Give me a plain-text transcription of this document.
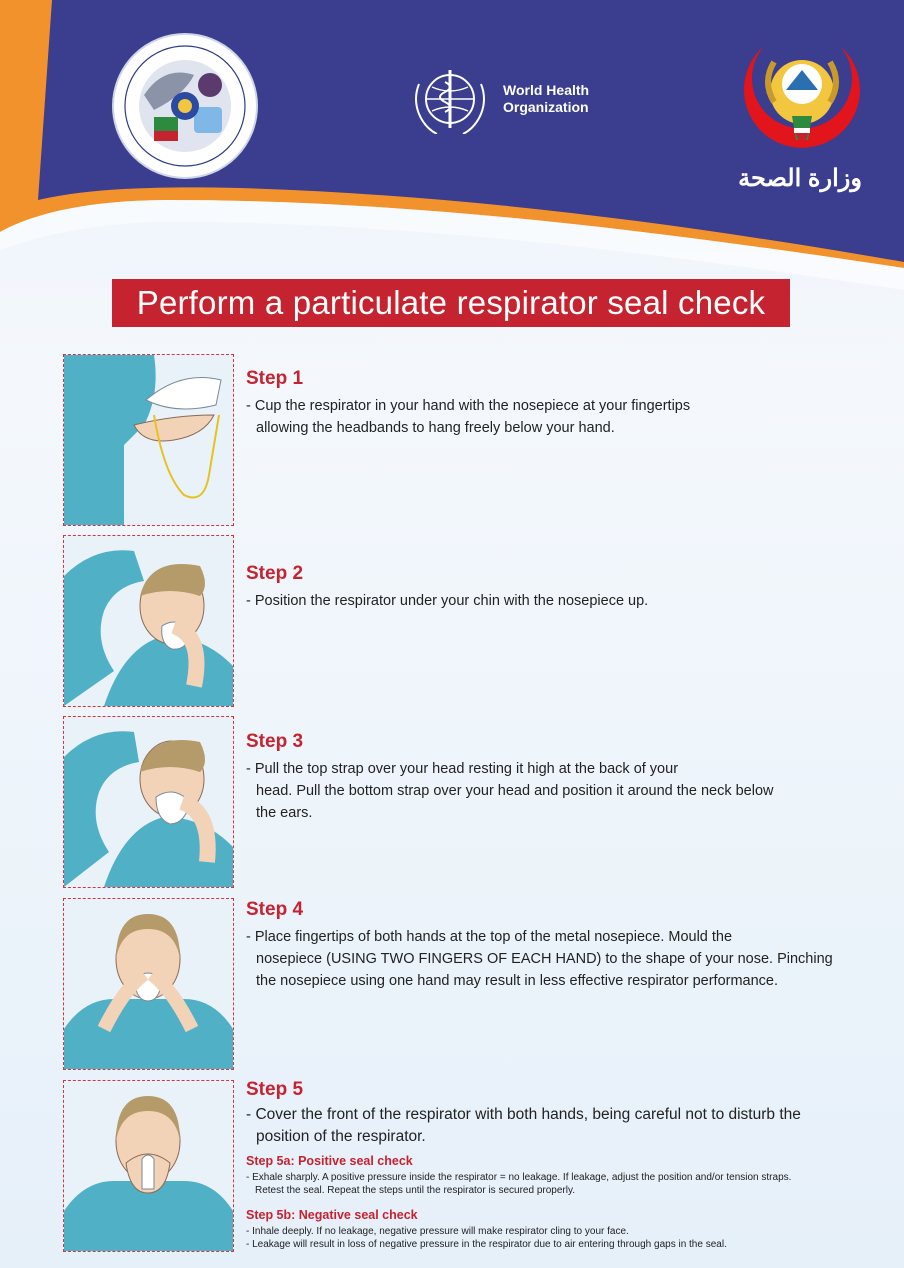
World Health
Organization
وزارة الصحة
Perform a particulate respirator seal check
Step 1
- Cup the respirator in your hand with the nosepiece at your fingertips
allowing the headbands to hang freely below your hand.
Step 2
- Position the respirator under your chin with the nosepiece up.
Step 3
- Pull the top strap over your head resting it high at the back of your
head. Pull the bottom strap over your head and position it around the neck below
the ears.
Step 4
- Place fingertips of both hands at the top of the metal nosepiece. Mould the
nosepiece (USING TWO FINGERS OF EACH HAND) to the shape of your nose. Pinching
the nosepiece using one hand may result in less effective respirator performance.
Step 5
- Cover the front of the respirator with both hands, being careful not to disturb the
position of the respirator.
Step 5a: Positive seal check
- Exhale sharply. A positive pressure inside the respirator = no leakage. If leakage, adjust the position and/or tension straps.
Retest the seal. Repeat the steps until the respirator is secured properly.
Step 5b: Negative seal check
- Inhale deeply. If no leakage, negative pressure will make respirator cling to your face.
- Leakage will result in loss of negative pressure in the respirator due to air entering through gaps in the seal.
